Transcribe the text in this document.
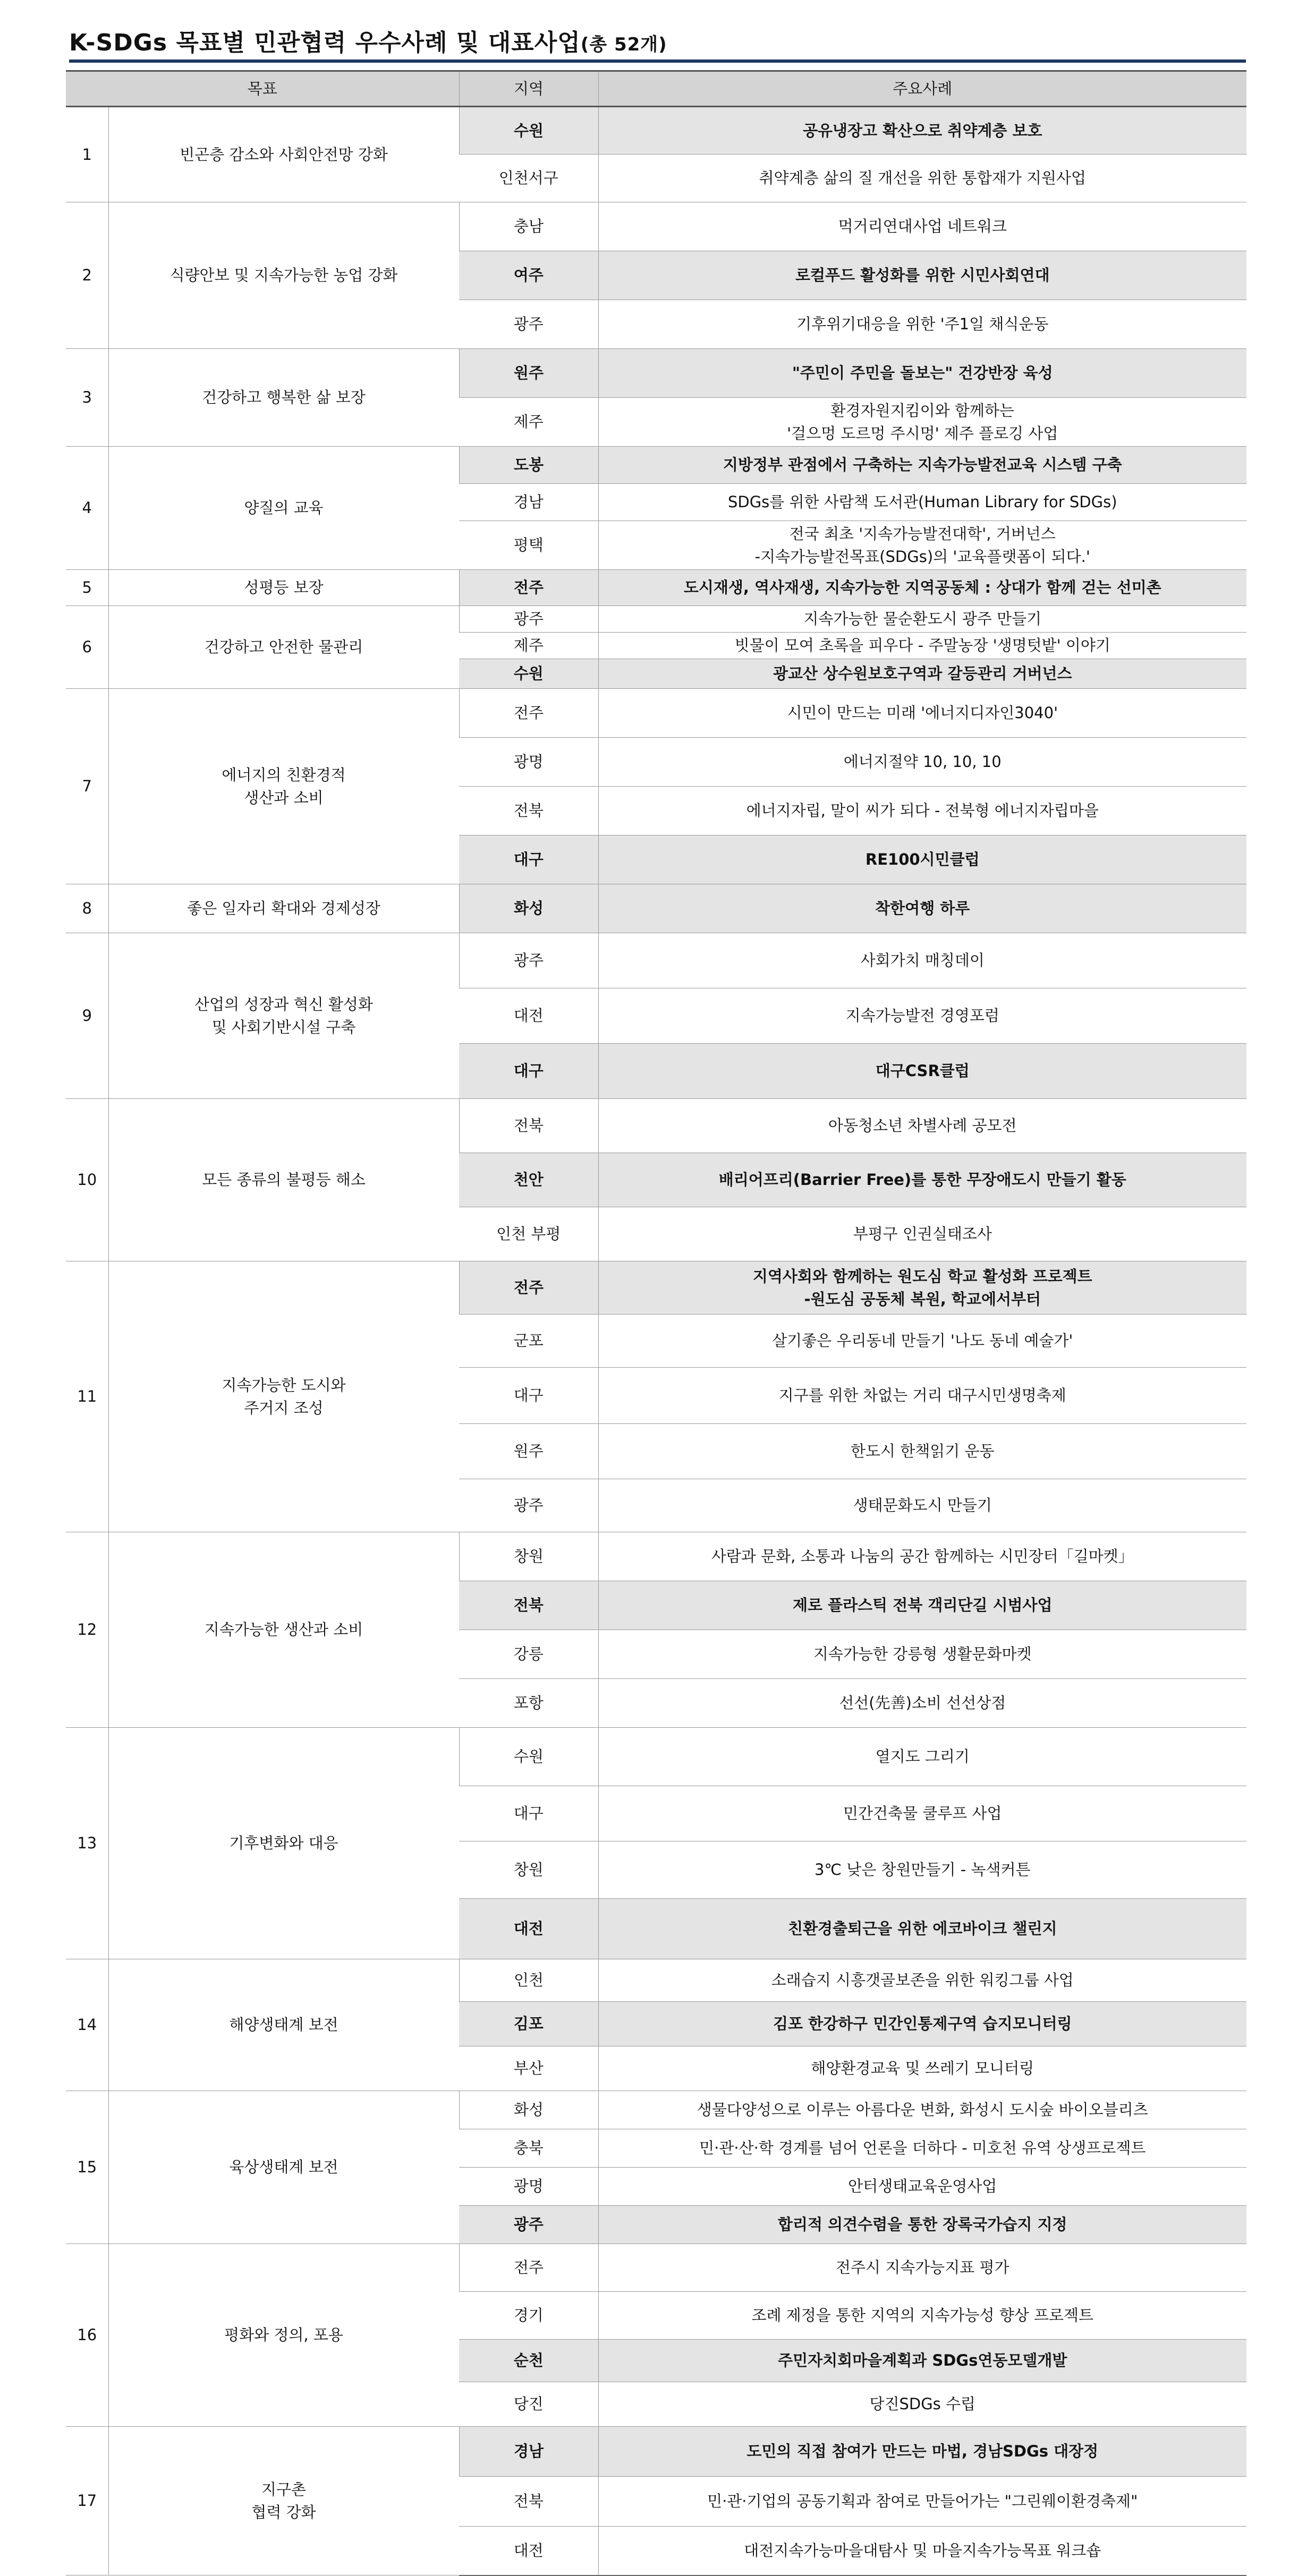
K-SDGs 목표별 민관협력 우수사례 및 대표사업(총 52개)
목표		지역	주요사례
1	빈곤층 감소와 사회안전망 강화	수원	공유냉장고 확산으로 취약계층 보호

		인천서구	취약계층 삶의 질 개선을 위한 통합재가 지원사업

2	식량안보 및 지속가능한 농업 강화	충남	먹거리연대사업 네트워크

		여주	로컬푸드 활성화를 위한 시민사회연대

		광주	기후위기대응을 위한 '주1일 채식운동

3	건강하고 행복한 삶 보장	원주	"주민이 주민을 돌보는" 건강반장 육성

		제주	환경자원지킴이와 함께하는
'걸으멍 도르멍 주시멍' 제주 플로깅 사업

4	양질의 교육	도봉	지방정부 관점에서 구축하는 지속가능발전교육 시스템 구축

		경남	SDGs를 위한 사람책 도서관(Human Library for SDGs)

		평택	전국 최초 '지속가능발전대학', 거버넌스
-지속가능발전목표(SDGs)의 '교육플랫폼이 되다.'

5	성평등 보장	전주	도시재생, 역사재생, 지속가능한 지역공동체 : 상대가 함께 걷는 선미촌

6	건강하고 안전한 물관리	광주	지속가능한 물순환도시 광주 만들기

		제주	빗물이 모여 초록을 피우다 - 주말농장 '생명텃밭' 이야기

		수원	광교산 상수원보호구역과 갈등관리 거버넌스

7	에너지의 친환경적
생산과 소비	전주	시민이 만드는 미래 '에너지디자인3040'

		광명	에너지절약 10, 10, 10

		전북	에너지자립, 말이 씨가 되다 - 전북형 에너지자립마을

		대구	RE100시민클럽

8	좋은 일자리 확대와 경제성장	화성	착한여행 하루

9	산업의 성장과 혁신 활성화
및 사회기반시설 구축	광주	사회가치 매칭데이

		대전	지속가능발전 경영포럼

		대구	대구CSR클럽

10	모든 종류의 불평등 해소	전북	아동청소년 차별사례 공모전

		천안	배리어프리(Barrier Free)를 통한 무장애도시 만들기 활동

		인천 부평	부평구 인권실태조사

11	지속가능한 도시와
주거지 조성	전주	지역사회와 함께하는 원도심 학교 활성화 프로젝트
-원도심 공동체 복원, 학교에서부터

		군포	살기좋은 우리동네 만들기 '나도 동네 예술가'

		대구	지구를 위한 차없는 거리 대구시민생명축제

		원주	한도시 한책읽기 운동

		광주	생태문화도시 만들기

12	지속가능한 생산과 소비	창원	사람과 문화, 소통과 나눔의 공간 함께하는 시민장터「길마켓」

		전북	제로 플라스틱 전북 객리단길 시범사업

		강릉	지속가능한 강릉형 생활문화마켓

		포항	선선(先善)소비 선선상점

13	기후변화와 대응	수원	열지도 그리기

		대구	민간건축물 쿨루프 사업

		창원	3℃ 낮은 창원만들기 - 녹색커튼

		대전	친환경출퇴근을 위한 에코바이크 챌린지

14	해양생태계 보전	인천	소래습지 시흥갯골보존을 위한 워킹그룹 사업

		김포	김포 한강하구 민간인통제구역 습지모니터링

		부산	해양환경교육 및 쓰레기 모니터링

15	육상생태계 보전	화성	생물다양성으로 이루는 아름다운 변화, 화성시 도시숲 바이오블리츠

		충북	민·관·산·학 경계를 넘어 언론을 더하다 - 미호천 유역 상생프로젝트

		광명	안터생태교육운영사업

		광주	합리적 의견수렴을 통한 장록국가습지 지정

16	평화와 정의, 포용	전주	전주시 지속가능지표 평가

		경기	조례 제정을 통한 지역의 지속가능성 향상 프로젝트

		순천	주민자치회마을계획과 SDGs연동모델개발

		당진	당진SDGs 수립

17	지구촌
협력 강화	경남	도민의 직접 참여가 만드는 마법, 경남SDGs 대장정

		전북	민·관·기업의 공동기획과 참여로 만들어가는 "그린웨이환경축제"

		대전	대전지속가능마을대탐사 및 마을지속가능목표 워크숍
